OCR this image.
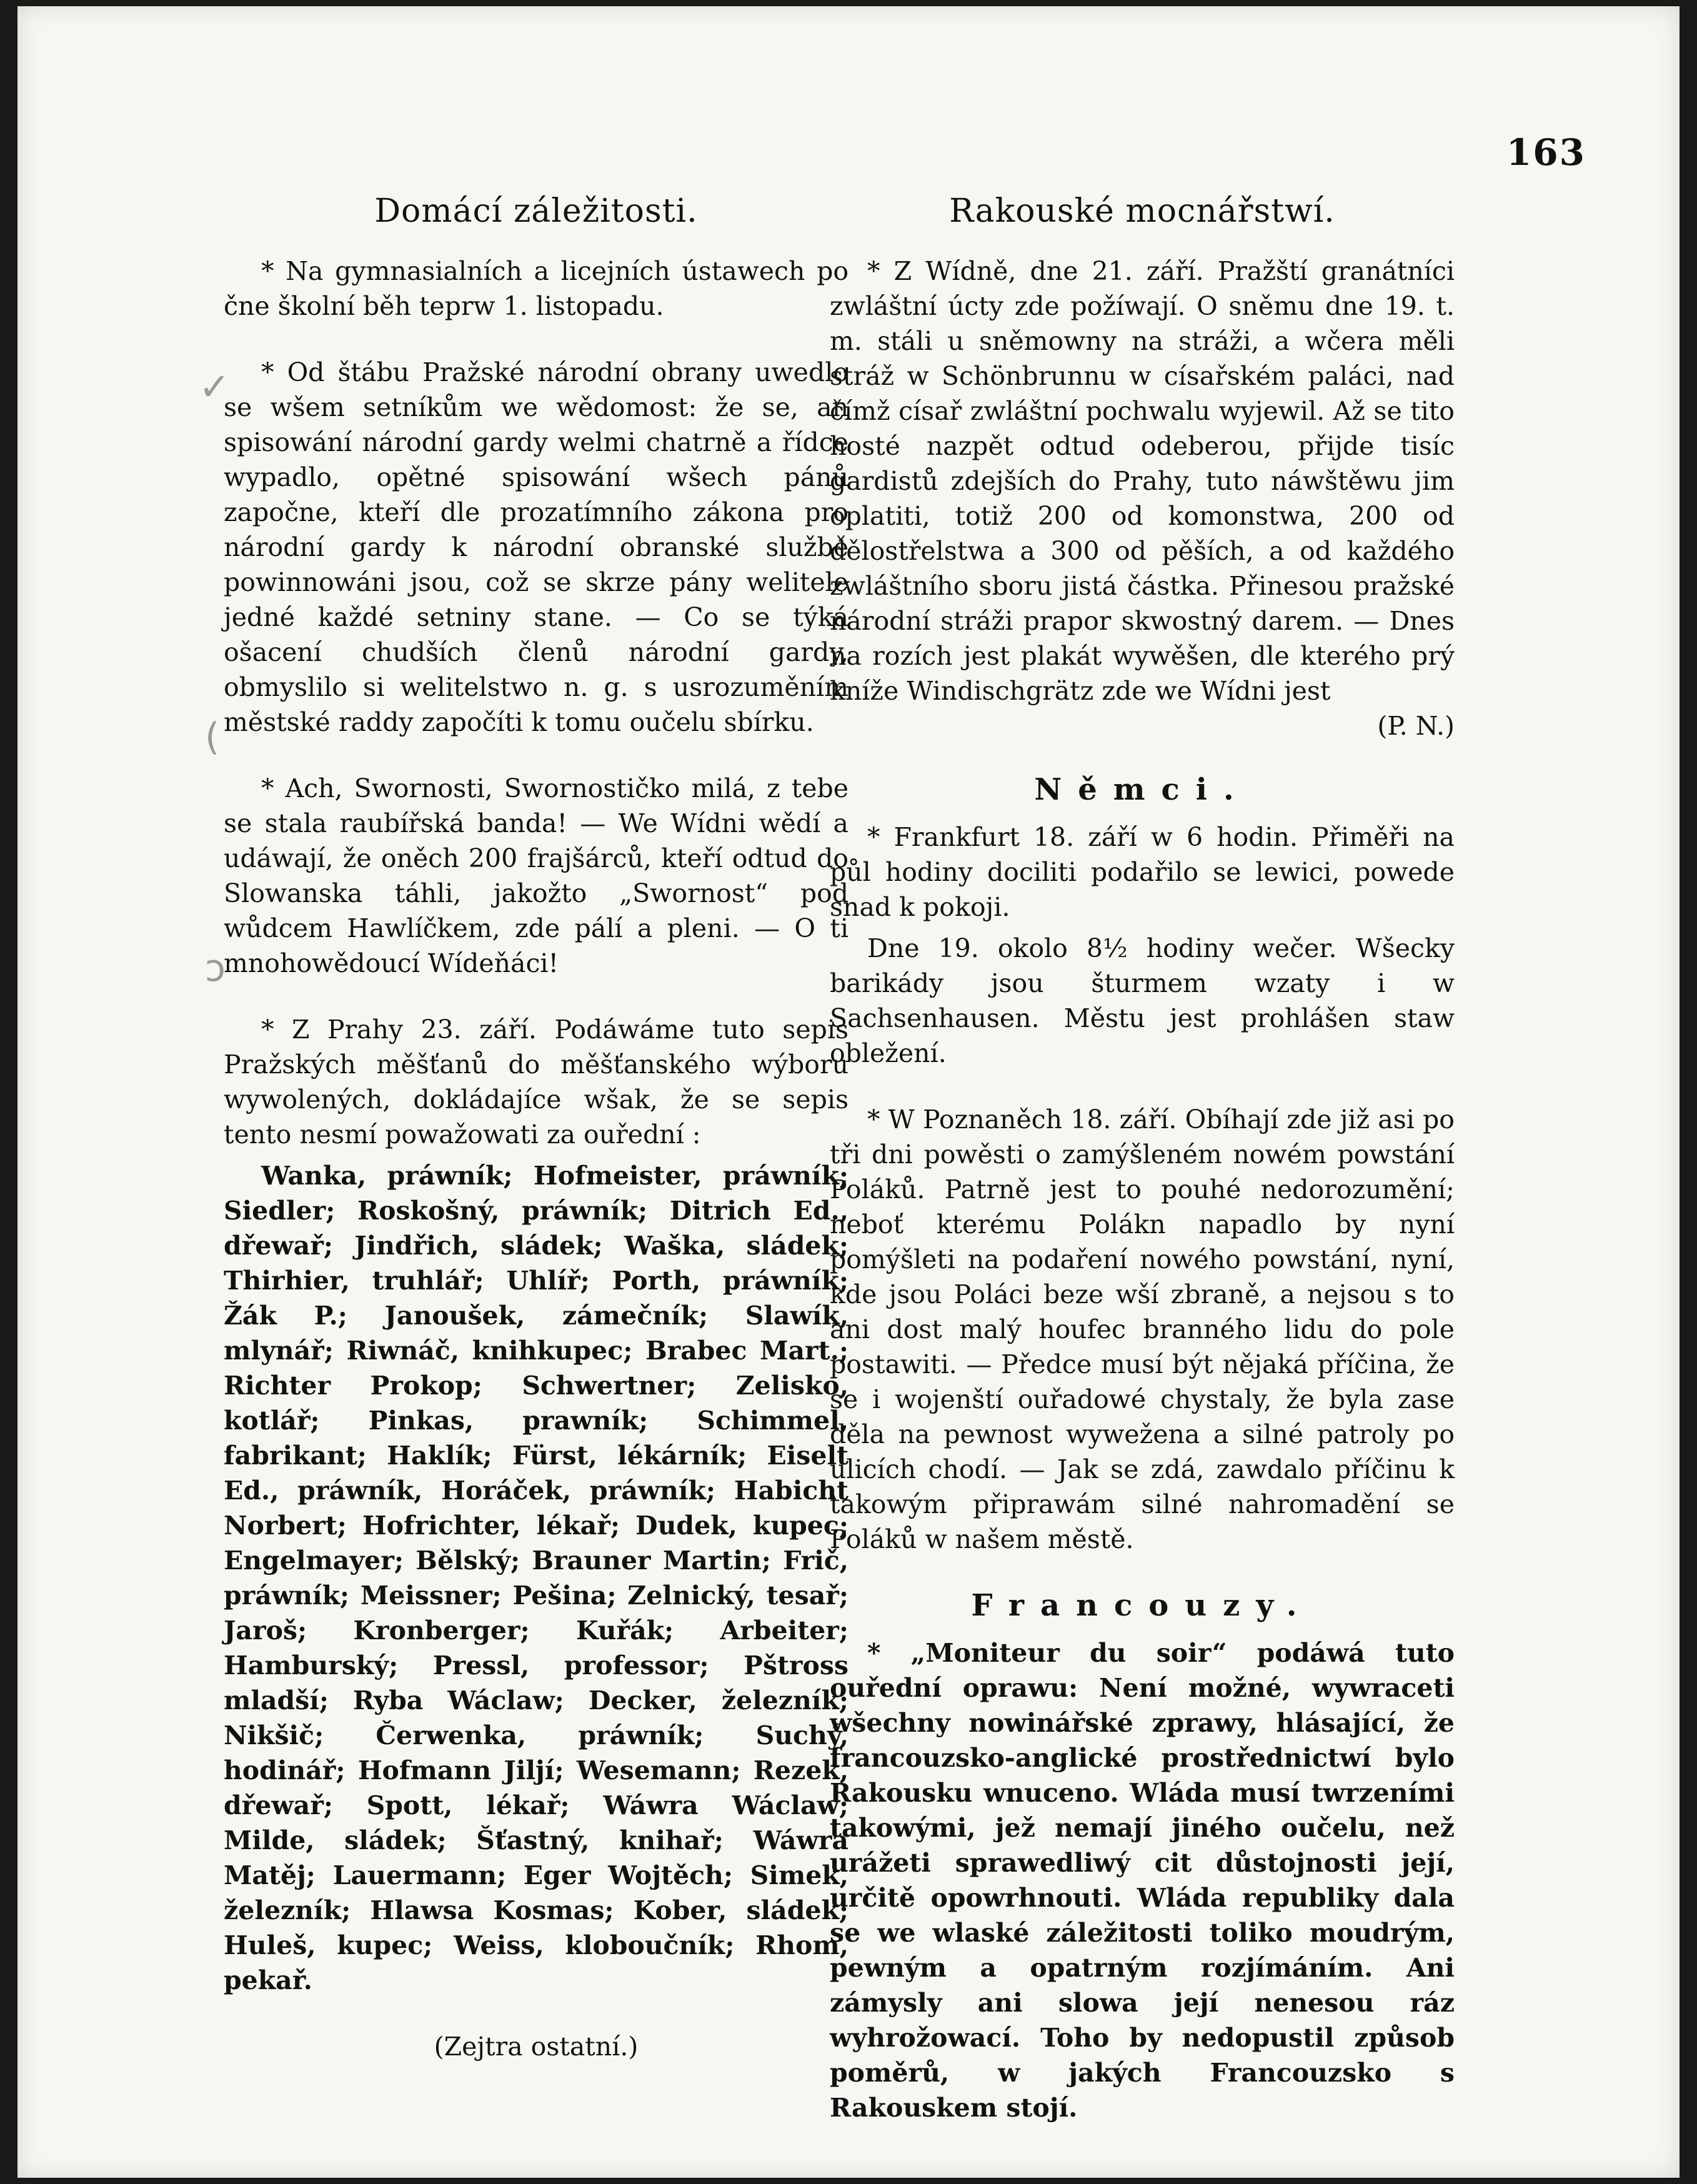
163
✓
(
ↄ
Domácí záležitosti.

* Na gymnasialních a licejních ústawech po čne školní běh teprw 1. listopadu.

* Od štábu Pražské národní obrany uwedlo se wšem setníkům we wědomost: že se, an spisowání národní gardy welmi chatrně a řídce wypadlo, opětné spisowání wšech pánů započne, kteří dle prozatímního zákona pro národní gardy k národní obranské službě powinnowáni jsou, což se skrze pány welitele jedné každé setniny stane. — Co se týká ošacení chudších členů národní gardy, obmyslilo si welitelstwo n. g. s usrozuměním městské raddy započíti k tomu oučelu sbírku.

* Ach, Swornosti, Swornostičko milá, z tebe se stala raubířská banda! — We Wídni wědí a udáwají, že oněch 200 frajšárců, kteří odtud do Slowanska táhli, jakožto „Swornost“ pod wůdcem Hawlíčkem, zde pálí a pleni. — O ti mnohowědoucí Wídeňáci!

* Z Prahy 23. září. Podáwáme tuto sepis Pražských měšťanů do měšťanského wýboru wywolených, dokládajíce wšak, že se sepis tento nesmí powažowati za ouřední :

Wanka, práwník; Hofmeister, práwník; Siedler; Roskošný, práwník; Ditrich Ed., dřewař; Jindřich, sládek; Waška, sládek; Thirhier, truhlář; Uhlíř; Porth, práwník; Žák P.; Janoušek, zámečník; Slawík, mlynář; Riwnáč, knihkupec; Brabec Mart.; Richter Prokop; Schwertner; Zelisko, kotlář; Pinkas, prawník; Schimmel, fabrikant; Haklík; Fürst, lékárník; Eiselt Ed., práwník, Horáček, práwník; Habicht Norbert; Hofrichter, lékař; Dudek, kupec; Engelmayer; Bělský; Brauner Martin; Frič, práwník; Meissner; Pešina; Zelnický, tesař; Jaroš; Kronberger; Kuřák; Arbeiter; Hamburský; Pressl, professor; Pštross mladší; Ryba Wáclaw; Decker, železník; Nikšič; Čerwenka, práwník; Suchý, hodinář; Hofmann Jiljí; Wesemann; Rezek, dřewař; Spott, lékař; Wáwra Wáclaw; Milde, sládek; Šťastný, knihař; Wáwra Matěj; Lauermann; Eger Wojtěch; Simek, železník; Hlawsa Kosmas; Kober, sládek; Huleš, kupec; Weiss, kloboučník; Rhom, pekař.

(Zejtra ostatní.)
Rakouské mocnářstwí.

* Z Wídně, dne 21. září. Pražští granátníci zwláštní úcty zde požíwají. O sněmu dne 19. t. m. stáli u sněmowny na stráži, a wčera měli stráž w Schönbrunnu w císařském paláci, nad čímž císař zwláštní pochwalu wyjewil. Až se tito hosté nazpět odtud odeberou, přijde tisíc gardistů zdejších do Prahy, tuto náwštěwu jim oplatiti, totiž 200 od komonstwa, 200 od dělostřelstwa a 300 od pěších, a od každého zwláštního sboru jistá částka. Přinesou pražské národní stráži prapor skwostný darem. — Dnes na rozích jest plakát wywěšen, dle kterého prý kníže Windischgrätz zde we Wídni jest

(P. N.)
Němci.

* Frankfurt 18. září w 6 hodin. Přiměři na půl hodiny dociliti podařilo se lewici, powede snad k pokoji.

Dne 19. okolo 8½ hodiny wečer. Wšecky barikády jsou šturmem wzaty i w Sachsenhausen. Městu jest prohlášen staw obležení.

* W Poznaněch 18. září. Obíhají zde již asi po tři dni powěsti o zamýšleném nowém powstání Poláků. Patrně jest to pouhé nedorozumění; neboť kterému Polákn napadlo by nyní pomýšleti na podaření nowého powstání, nyní, kde jsou Poláci beze wší zbraně, a nejsou s to ani dost malý houfec branného lidu do pole postawiti. — Předce musí být nějaká příčina, že se i wojenští ouřadowé chystaly, že byla zase děla na pewnost wywežena a silné patroly po ulicích chodí. — Jak se zdá, zawdalo příčinu k takowým připrawám silné nahromadění se Poláků w našem městě.

Francouzy.

* „Moniteur du soir“ podáwá tuto ouřední oprawu: Není možné, wywraceti wšechny nowinářské zprawy, hlásající, že francouzsko-anglické prostřednictwí bylo Rakousku wnuceno. Wláda musí twrzeními takowými, jež nemají jiného oučelu, než urážeti sprawedliwý cit důstojnosti její, určitě opowrhnouti. Wláda republiky dala se we wlaské záležitosti toliko moudrým, pewným a opatrným rozjímáním. Ani zámysly ani slowa její nenesou ráz wyhrožowací. Toho by nedopustil způsob poměrů, w jakých Francouzsko s Rakouskem stojí.
